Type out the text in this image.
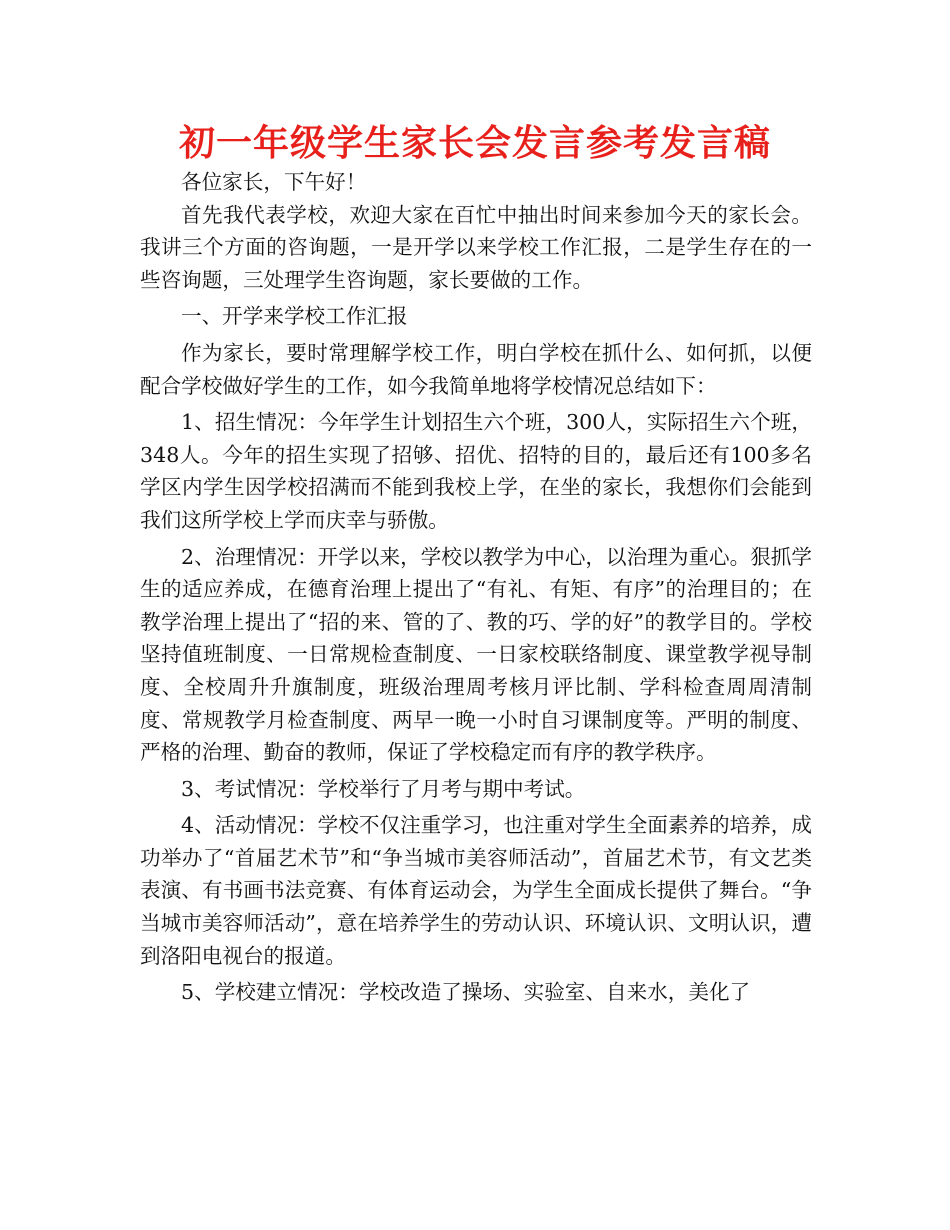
初一年级学生家长会发言参考发言稿

各位家长，下午好！

首先我代表学校，欢迎大家在百忙中抽出时间来参加今天的家长会。我讲三个方面的咨询题，一是开学以来学校工作汇报，二是学生存在的一些咨询题，三处理学生咨询题，家长要做的工作。

一、开学来学校工作汇报

作为家长，要时常理解学校工作，明白学校在抓什么、如何抓，以便配合学校做好学生的工作，如今我简单地将学校情况总结如下：

1、招生情况：今年学生计划招生六个班，300人，实际招生六个班，348人。今年的招生实现了招够、招优、招特的目的，最后还有100多名学区内学生因学校招满而不能到我校上学，在坐的家长，我想你们会能到我们这所学校上学而庆幸与骄傲。

2、治理情况：开学以来，学校以教学为中心，以治理为重心。狠抓学生的适应养成，在德育治理上提出了“有礼、有矩、有序”的治理目的；在教学治理上提出了“招的来、管的了、教的巧、学的好”的教学目的。学校坚持值班制度、一日常规检查制度、一日家校联络制度、课堂教学视导制度、全校周升升旗制度，班级治理周考核月评比制、学科检查周周清制度、常规教学月检查制度、两早一晚一小时自习课制度等。严明的制度、严格的治理、勤奋的教师，保证了学校稳定而有序的教学秩序。

3、考试情况：学校举行了月考与期中考试。

4、活动情况：学校不仅注重学习，也注重对学生全面素养的培养，成功举办了“首届艺术节”和“争当城市美容师活动”，首届艺术节，有文艺类表演、有书画书法竞赛、有体育运动会，为学生全面成长提供了舞台。“争当城市美容师活动”，意在培养学生的劳动认识、环境认识、文明认识，遭到洛阳电视台的报道。

5、学校建立情况：学校改造了操场、实验室、自来水，美化了
